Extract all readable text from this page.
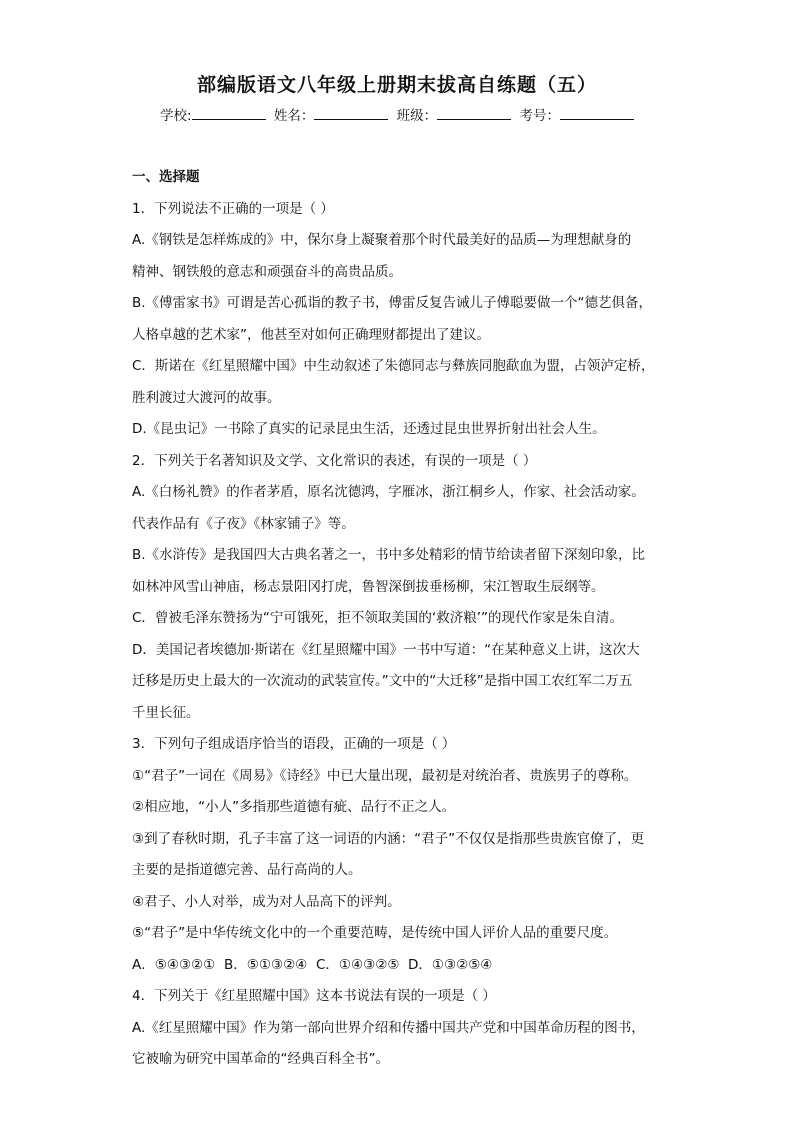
部编版语文八年级上册期末拔高自练题（五）
学校:	姓名：	班级：	考号：
一、选择题
1．下列说法不正确的一项是（ ）
A.《钢铁是怎样炼成的》中，保尔身上凝聚着那个时代最美好的品质—为理想献身的
精神、钢铁般的意志和顽强奋斗的高贵品质。
B.《傅雷家书》可谓是苦心孤诣的教子书，傅雷反复告诫儿子傅聪要做一个“德艺俱备，
人格卓越的艺术家”，他甚至对如何正确理财都提出了建议。
C．斯诺在《红星照耀中国》中生动叙述了朱德同志与彝族同胞歃血为盟，占领泸定桥，
胜利渡过大渡河的故事。
D.《昆虫记》一书除了真实的记录昆虫生活，还透过昆虫世界折射出社会人生。
2．下列关于名著知识及文学、文化常识的表述，有误的一项是（ ）
A.《白杨礼赞》的作者茅盾，原名沈德鸿，字雁冰，浙江桐乡人，作家、社会活动家。
代表作品有《子夜》《林家铺子》等。
B.《水浒传》是我国四大古典名著之一，书中多处精彩的情节给读者留下深刻印象，比
如林冲风雪山神庙，杨志景阳冈打虎，鲁智深倒拔垂杨柳，宋江智取生辰纲等。
C．曾被毛泽东赞扬为“宁可饿死，拒不领取美国的‘救济粮’”的现代作家是朱自清。
D．美国记者埃德加·斯诺在《红星照耀中国》一书中写道：“在某种意义上讲，这次大
迁移是历史上最大的一次流动的武装宣传。”文中的“大迁移”是指中国工农红军二万五
千里长征。
3．下列句子组成语序恰当的语段，正确的一项是（ ）
①“君子”一词在《周易》《诗经》中已大量出现，最初是对统治者、贵族男子的尊称。
②相应地，“小人”多指那些道德有疵、品行不正之人。
③到了春秋时期，孔子丰富了这一词语的内涵：“君子”不仅仅是指那些贵族官僚了，更
主要的是指道德完善、品行高尚的人。
④君子、小人对举，成为对人品高下的评判。
⑤“君子”是中华传统文化中的一个重要范畴，是传统中国人评价人品的重要尺度。
A．⑤④③②① B．⑤①③②④ C．①④③②⑤ D．①③②⑤④
4．下列关于《红星照耀中国》这本书说法有误的一项是（ ）
A.《红星照耀中国》作为第一部向世界介绍和传播中国共产党和中国革命历程的图书，
它被喻为研究中国革命的“经典百科全书”。
